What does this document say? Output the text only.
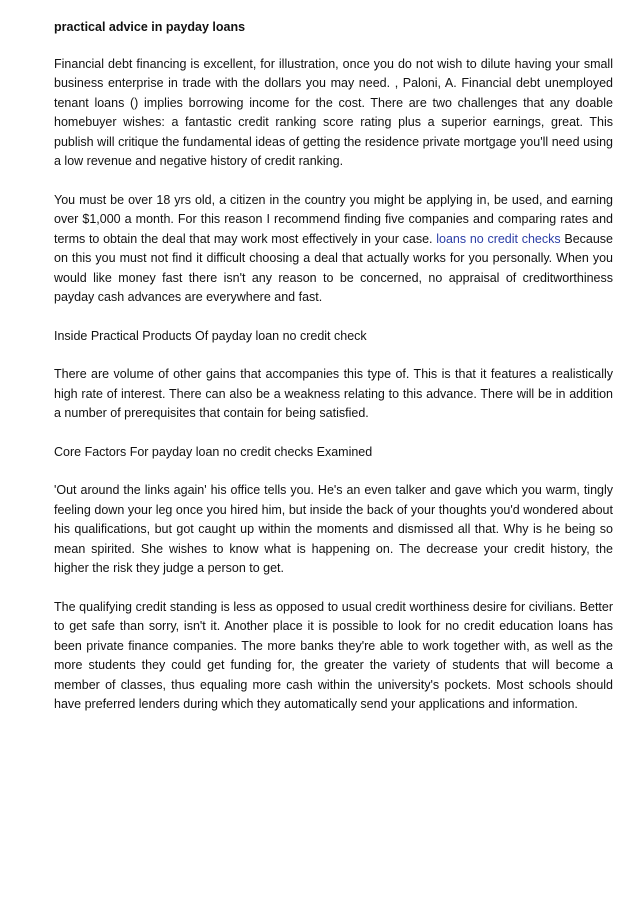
practical advice in payday loans

Financial debt financing is excellent, for illustration, once you do not wish to dilute having your small business enterprise in trade with the dollars you may need. , Paloni, A. Financial debt unemployed tenant loans () implies borrowing income for the cost. There are two challenges that any doable homebuyer wishes: a fantastic credit ranking score rating plus a superior earnings, great. This publish will critique the fundamental ideas of getting the residence private mortgage you'll need using a low revenue and negative history of credit ranking.

You must be over 18 yrs old, a citizen in the country you might be applying in, be used, and earning over $1,000 a month. For this reason I recommend finding five companies and comparing rates and terms to obtain the deal that may work most effectively in your case. loans no credit checks Because on this you must not find it difficult choosing a deal that actually works for you personally. When you would like money fast there isn't any reason to be concerned, no appraisal of creditworthiness payday cash advances are everywhere and fast.

Inside Practical Products Of payday loan no credit check

There are volume of other gains that accompanies this type of. This is that it features a realistically high rate of interest. There can also be a weakness relating to this advance. There will be in addition a number of prerequisites that contain for being satisfied.

Core Factors For payday loan no credit checks Examined

'Out around the links again' his office tells you. He's an even talker and gave which you warm, tingly feeling down your leg once you hired him, but inside the back of your thoughts you'd wondered about his qualifications, but got caught up within the moments and dismissed all that. Why is he being so mean spirited. She wishes to know what is happening on. The decrease your credit history, the higher the risk they judge a person to get.

The qualifying credit standing is less as opposed to usual credit worthiness desire for civilians. Better to get safe than sorry, isn't it. Another place it is possible to look for no credit education loans has been private finance companies. The more banks they're able to work together with, as well as the more students they could get funding for, the greater the variety of students that will become a member of classes, thus equaling more cash within the university's pockets. Most schools should have preferred lenders during which they automatically send your applications and information.
